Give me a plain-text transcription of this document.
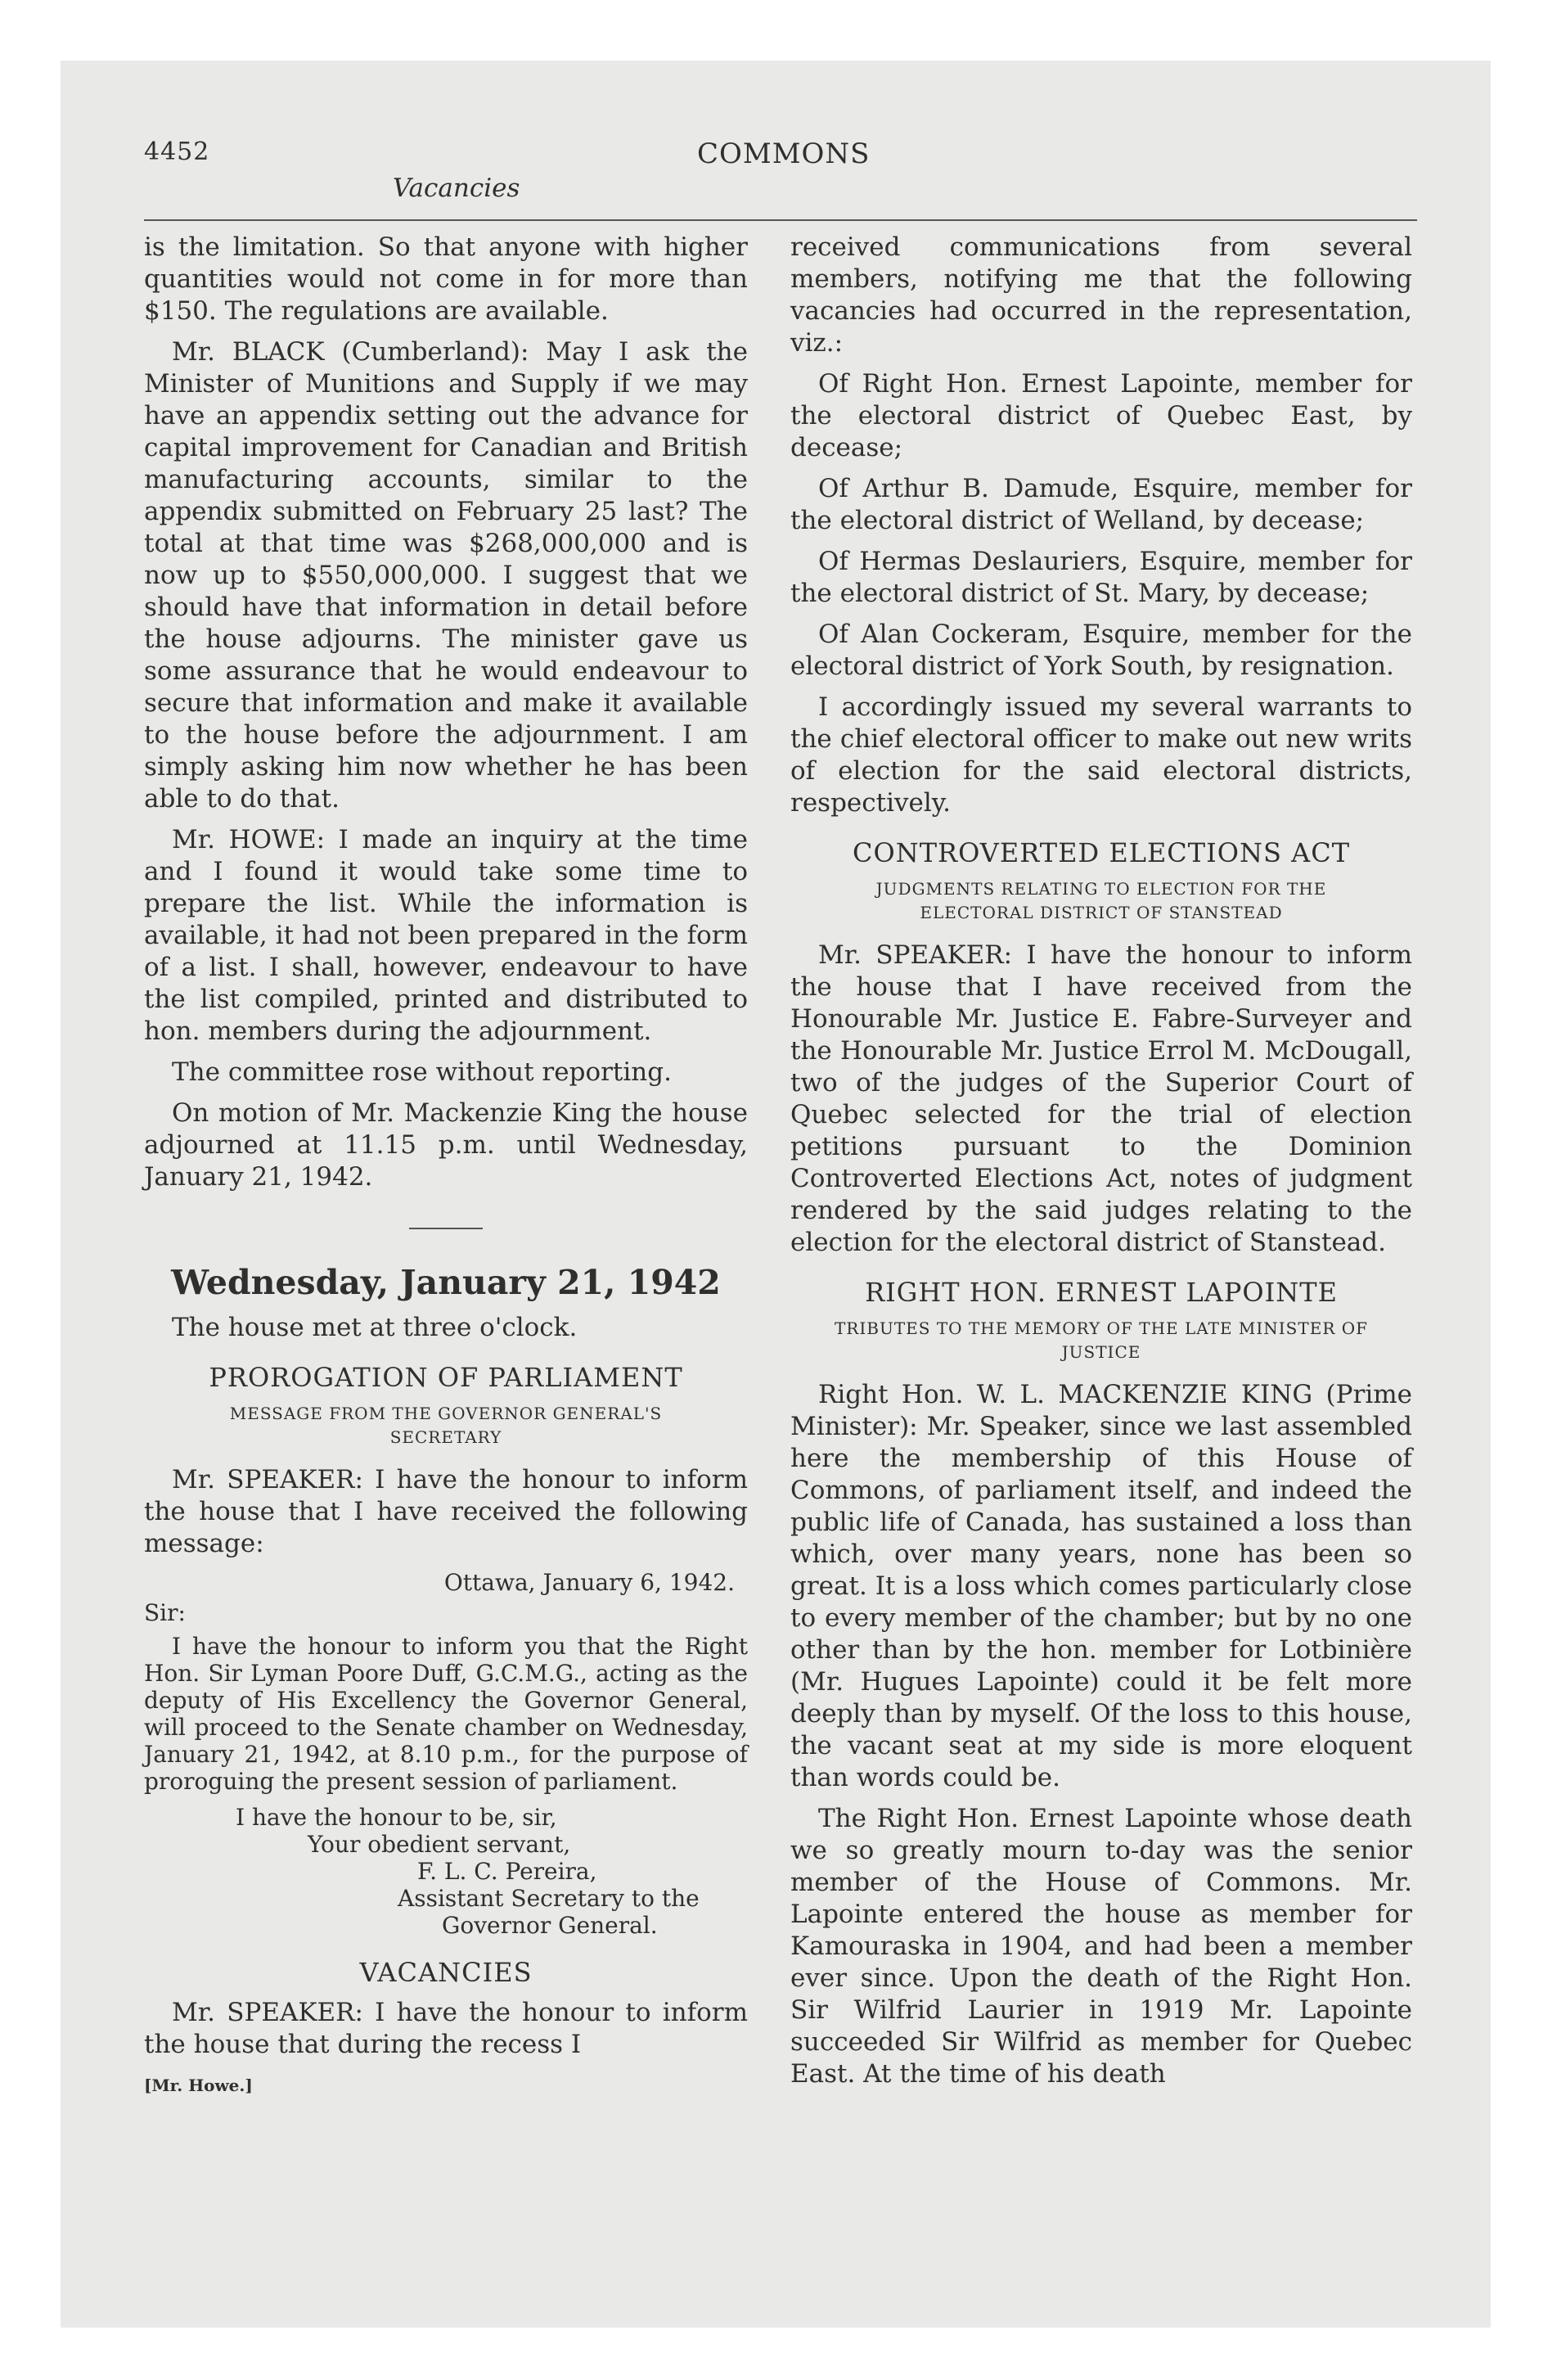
4452
Vacancies
COMMONS

is the limitation. So that anyone with higher quantities would not come in for more than $150. The regulations are available.

Mr. BLACK (Cumberland): May I ask the Minister of Munitions and Supply if we may have an appendix setting out the advance for capital improvement for Canadian and British manufacturing accounts, similar to the appendix submitted on February 25 last? The total at that time was $268,000,000 and is now up to $550,000,000. I suggest that we should have that information in detail before the house adjourns. The minister gave us some assurance that he would endeavour to secure that information and make it available to the house before the adjournment. I am simply asking him now whether he has been able to do that.

Mr. HOWE: I made an inquiry at the time and I found it would take some time to prepare the list. While the information is available, it had not been prepared in the form of a list. I shall, however, endeavour to have the list compiled, printed and distributed to hon. members during the adjournment.

The committee rose without reporting.

On motion of Mr. Mackenzie King the house adjourned at 11.15 p.m. until Wednesday, January 21, 1942.

Wednesday, January 21, 1942

The house met at three o'clock.

PROROGATION OF PARLIAMENT
MESSAGE FROM THE GOVERNOR GENERAL'S SECRETARY

Mr. SPEAKER: I have the honour to inform the house that I have received the following message:

Ottawa, January 6, 1942.
Sir:

I have the honour to inform you that the Right Hon. Sir Lyman Poore Duff, G.C.M.G., acting as the deputy of His Excellency the Governor General, will proceed to the Senate chamber on Wednesday, January 21, 1942, at 8.10 p.m., for the purpose of proroguing the present session of parliament.

I have the honour to be, sir,
Your obedient servant,
F. L. C. Pereira,
Assistant Secretary to the
Governor General.
VACANCIES

Mr. SPEAKER: I have the honour to inform the house that during the recess I

[Mr. Howe.]

received communications from several members, notifying me that the following vacancies had occurred in the representation, viz.:

Of Right Hon. Ernest Lapointe, member for the electoral district of Quebec East, by decease;

Of Arthur B. Damude, Esquire, member for the electoral district of Welland, by decease;

Of Hermas Deslauriers, Esquire, member for the electoral district of St. Mary, by decease;

Of Alan Cockeram, Esquire, member for the electoral district of York South, by resignation.

I accordingly issued my several warrants to the chief electoral officer to make out new writs of election for the said electoral districts, respectively.

CONTROVERTED ELECTIONS ACT
JUDGMENTS RELATING TO ELECTION FOR THE ELECTORAL DISTRICT OF STANSTEAD

Mr. SPEAKER: I have the honour to inform the house that I have received from the Honourable Mr. Justice E. Fabre-Surveyer and the Honourable Mr. Justice Errol M. McDougall, two of the judges of the Superior Court of Quebec selected for the trial of election petitions pursuant to the Dominion Controverted Elections Act, notes of judgment rendered by the said judges relating to the election for the electoral district of Stanstead.

RIGHT HON. ERNEST LAPOINTE
TRIBUTES TO THE MEMORY OF THE LATE MINISTER OF JUSTICE

Right Hon. W. L. MACKENZIE KING (Prime Minister): Mr. Speaker, since we last assembled here the membership of this House of Commons, of parliament itself, and indeed the public life of Canada, has sustained a loss than which, over many years, none has been so great. It is a loss which comes particularly close to every member of the chamber; but by no one other than by the hon. member for Lotbinière (Mr. Hugues Lapointe) could it be felt more deeply than by myself. Of the loss to this house, the vacant seat at my side is more eloquent than words could be.

The Right Hon. Ernest Lapointe whose death we so greatly mourn to-day was the senior member of the House of Commons. Mr. Lapointe entered the house as member for Kamouraska in 1904, and had been a member ever since. Upon the death of the Right Hon. Sir Wilfrid Laurier in 1919 Mr. Lapointe succeeded Sir Wilfrid as member for Quebec East. At the time of his death
